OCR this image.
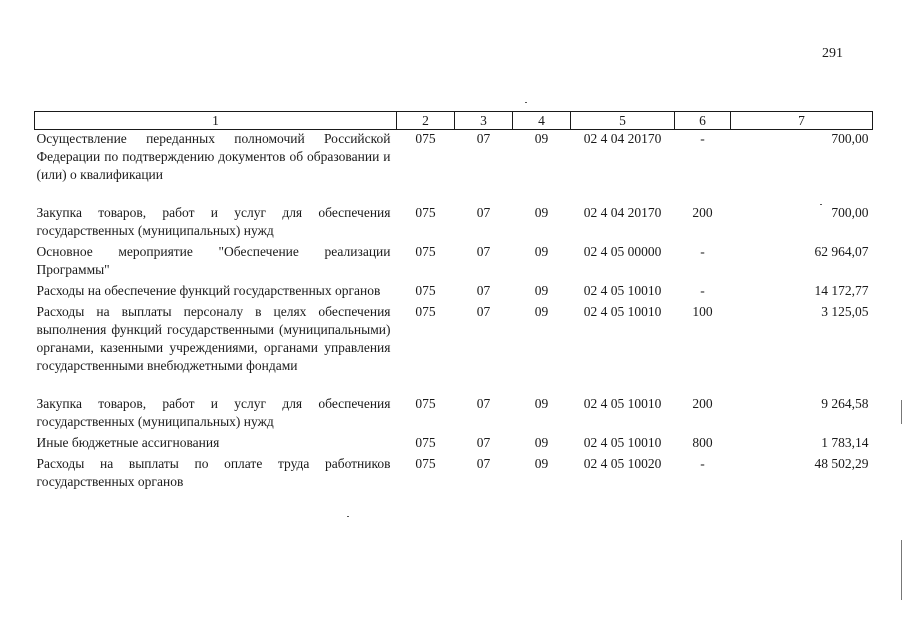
291
1	2	3	4	5	6	7
Осуществление переданных полномочий Российской Федерации по подтверждению документов об образовании и (или) о квалификации	075	07	09	02 4 04 20170	-	700,00
Закупка товаров, работ и услуг для обеспечения государственных (муниципальных) нужд	075	07	09	02 4 04 20170	200	700,00
Основное мероприятие "Обеспечение реализации Программы"	075	07	09	02 4 05 00000	-	62 964,07
Расходы на обеспечение функций государственных органов	075	07	09	02 4 05 10010	-	14 172,77
Расходы на выплаты персоналу в целях обеспечения выполнения функций государственными (муниципальными) органами, казенными учреждениями, органами управления государственными внебюджетными фондами	075	07	09	02 4 05 10010	100	3 125,05
Закупка товаров, работ и услуг для обеспечения государственных (муниципальных) нужд	075	07	09	02 4 05 10010	200	9 264,58
Иные бюджетные ассигнования	075	07	09	02 4 05 10010	800	1 783,14
Расходы на выплаты по оплате труда работников государственных органов	075	07	09	02 4 05 10020	-	48 502,29
